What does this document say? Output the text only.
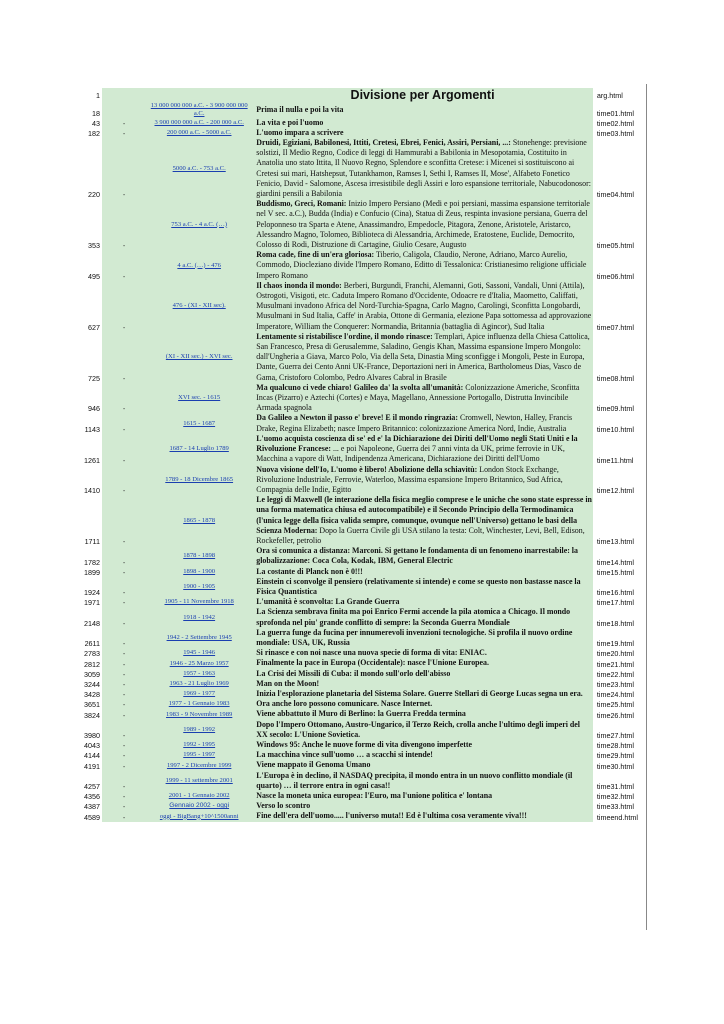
1			Divisione per Argomenti	arg.html
18		13 000 000 000 a.C. - 3 900 000 000 a.C.	Prima il nulla e poi la vita	time01.html
43	-	3 900 000 000 a.C. - 200 000 a.C.	La vita e poi l'uomo	time02.html
182	-	200 000 a.C. - 5000 a.C.	L'uomo impara a scrivere	time03.html
220	-	5000 a.C. - 753 a.C.	Druidi, Egiziani, Babilonesi, Ittiti, Cretesi, Ebrei, Fenici, Assiri, Persiani, ...: Stonehenge: previsione solstizi, Il Medio Regno, Codice di leggi di Hammurabi a Babilonia in Mesopotamia, Costituito in Anatolia uno stato Ittita, Il Nuovo Regno, Splendore e sconfitta Cretese: i Micenei si sostituiscono ai Cretesi sui mari, Hatshepsut, Tutankhamon, Ramses I, Sethi I, Ramses II, Mose', Alfabeto Fonetico Fenicio, David - Salomone, Ascesa irresistibile degli Assiri e loro espansione territoriale, Nabucodonosor: giardini pensili a Babilonia	time04.html
353	-	753 a.C. - 4 a.C. (…)	Buddismo, Greci, Romani: Inizio Impero Persiano (Medi e poi persiani, massima espansione territoriale nel V sec. a.C.), Budda (India) e Confucio (Cina), Statua di Zeus, respinta invasione persiana, Guerra del Peloponneso tra Sparta e Atene, Anassimandro, Empedocle, Pitagora, Zenone, Aristotele, Aristarco, Alessandro Magno, Tolomeo, Biblioteca di Alessandria, Archimede, Eratostene, Euclide, Democrito, Colosso di Rodi, Distruzione di Cartagine, Giulio Cesare, Augusto	time05.html
495	-	4 a.C. (…) - 476	Roma cade, fine di un'era gloriosa: Tiberio, Caligola, Claudio, Nerone, Adriano, Marco Aurelio, Commodo, Diocleziano divide l'Impero Romano, Editto di Tessalonica: Cristianesimo religione ufficiale Impero Romano	time06.html
627	-	476 - (XI - XII sec).	Il chaos inonda il mondo: Berberi, Burgundi, Franchi, Alemanni, Goti, Sassoni, Vandali, Unni (Attila), Ostrogoti, Visigoti, etc. Caduta Impero Romano d'Occidente, Odoacre re d'Italia, Maometto, Califfati, Musulmani invadono Africa del Nord-Turchia-Spagna, Carlo Magno, Carolingi, Sconfitta Longobardi, Musulmani in Sud Italia, Caffe' in Arabia, Ottone di Germania, elezione Papa sottomessa ad approvazione Imperatore, William the Conquerer: Normandia, Britannia (battaglia di Agincor), Sud Italia	time07.html
725	-	(XI - XII sec.) - XVI sec.	Lentamente si ristabilisce l'ordine, il mondo rinasce: Templari, Apice influenza della Chiesa Cattolica, San Francesco, Presa di Gerusalemme, Saladino, Gengis Khan, Massima espansione Impero Mongolo: dall'Ungheria a Giava, Marco Polo, Via della Seta, Dinastia Ming sconfigge i Mongoli, Peste in Europa, Dante, Guerra dei Cento Anni UK-France, Deportazioni neri in America, Bartholomeus Dias, Vasco de Gama, Cristoforo Colombo, Pedro Alvares Cabral in Brasile	time08.html
946	-	XVI sec. - 1615	Ma qualcuno ci vede chiaro! Galileo da' la svolta all'umanità: Colonizzazione Americhe, Sconfitta Incas (Pizarro) e Aztechi (Cortes) e Maya, Magellano, Annessione Portogallo, Distrutta Invincibile Armada spagnola	time09.html
1143	-	1615 - 1687	Da Galileo a Newton il passo e' breve! E il mondo ringrazia: Cromwell, Newton, Halley, Francis Drake, Regina Elizabeth; nasce Impero Britannico: colonizzazione America Nord, Indie, Australia	time10.html
1261	-	1687 - 14 Luglio 1789	L'uomo acquista coscienza di se' ed e' la Dichiarazione dei Diriti dell'Uomo negli Stati Uniti e la Rivoluzione Francese: ... e poi Napoleone, Guerra dei 7 anni vinta da UK, prime ferrovie in UK, Macchina a vapore di Watt, Indipendenza Americana, Dichiarazione dei Diritti dell'Uomo	time11.html
1410	-	1789 - 18 Dicembre 1865	Nuova visione dell'Io, L'uomo è libero! Abolizione della schiavitù: London Stock Exchange, Rivoluzione Industriale, Ferrovie, Waterloo, Massima espansione Impero Britannico, Sud Africa, Compagnia delle Indie, Egitto	time12.html
1711	-	1865 - 1878	Le leggi di Maxwell (le interazione della fisica meglio comprese e le uniche che sono state espresse in una forma matematica chiusa ed autocompatibile) e il Secondo Principio della Termodinamica (l'unica legge della fisica valida sempre, comunque, ovunque nell'Universo) gettano le basi della Scienza Moderna: Dopo la Guerra Civile gli USA stilano la testa: Colt, Winchester, Levi, Bell, Edison, Rockefeller, petrolio	time13.html
1782	-	1878 - 1898	Ora si comunica a distanza: Marconi. Si gettano le fondamenta di un fenomeno inarrestabile: la globalizzazione: Coca Cola, Kodak, IBM, General Electric	time14.html
1899	-	1898 - 1900	La costante di Planck non è 0!!!	time15.html
1924	-	1900 - 1905	Einstein ci sconvolge il pensiero (relativamente si intende) e come se questo non bastasse nasce la Fisica Quantistica	time16.html
1971	-	1905 - 11 Novembre 1918	L'umanità è sconvolta: La Grande Guerra	time17.html
2148	-	1918 - 1942	La Scienza sembrava finita ma poi Enrico Fermi accende la pila atomica a Chicago. Il mondo sprofonda nel piu' grande conflitto di sempre: la Seconda Guerra Mondiale	time18.html
2611	-	1942 - 2 Settembre 1945	La guerra funge da fucina per innumerevoli invenzioni tecnologiche. Si profila il nuovo ordine mondiale: USA, UK, Russia	time19.html
2783	-	1945 - 1946	Si rinasce e con noi nasce una nuova specie di forma di vita: ENIAC.	time20.html
2812	-	1946 - 25 Marzo 1957	Finalmente la pace in Europa (Occidentale): nasce l'Unione Europea.	time21.html
3059	-	1957 - 1963	La Crisi dei Missili di Cuba: il mondo sull'orlo dell'abisso	time22.html
3244	-	1963 - 21 Luglio 1969	Man on the Moon!	time23.html
3428	-	1969 - 1977	Inizia l'esplorazione planetaria del Sistema Solare. Guerre Stellari di George Lucas segna un era.	time24.html
3651	-	1977 - 1 Gennaio 1983	Ora anche loro possono comunicare. Nasce Internet.	time25.html
3824	-	1983 - 9 Novembre 1989	Viene abbattuto il Muro di Berlino: la Guerra Fredda termina	time26.html
3980	-	1989 - 1992	Dopo l'Impero Ottomano, Austro-Ungarico, il Terzo Reich, crolla anche l'ultimo degli imperi del XX secolo: L'Unione Sovietica.	time27.html
4043	-	1992 - 1995	Windows 95: Anche le nuove forme di vita divengono imperfette	time28.html
4144	-	1995 - 1997	La macchina vince sull'uomo … a scacchi si intende!	time29.html
4191	-	1997 - 2 Dicembre 1999	Viene mappato il Genoma Umano	time30.html
4257	-	1999 - 11 settembre 2001	L'Europa è in declino, il NASDAQ precipita, il mondo entra in un nuovo conflitto mondiale (il quarto) … il terrore entra in ogni casa!!	time31.html
4356	-	2001 - 1 Gennaio 2002	Nasce la moneta unica europea: l'Euro, ma l'unione politica e' lontana	time32.html
4387	-	Gennaio 2002 - oggi	Verso lo scontro	time33.html
4589	-	oggi - BigBang+10^1500anni	Fine dell'era dell'uomo..... l'universo muta!! Ed è l'ultima cosa veramente viva!!!	timeend.html
